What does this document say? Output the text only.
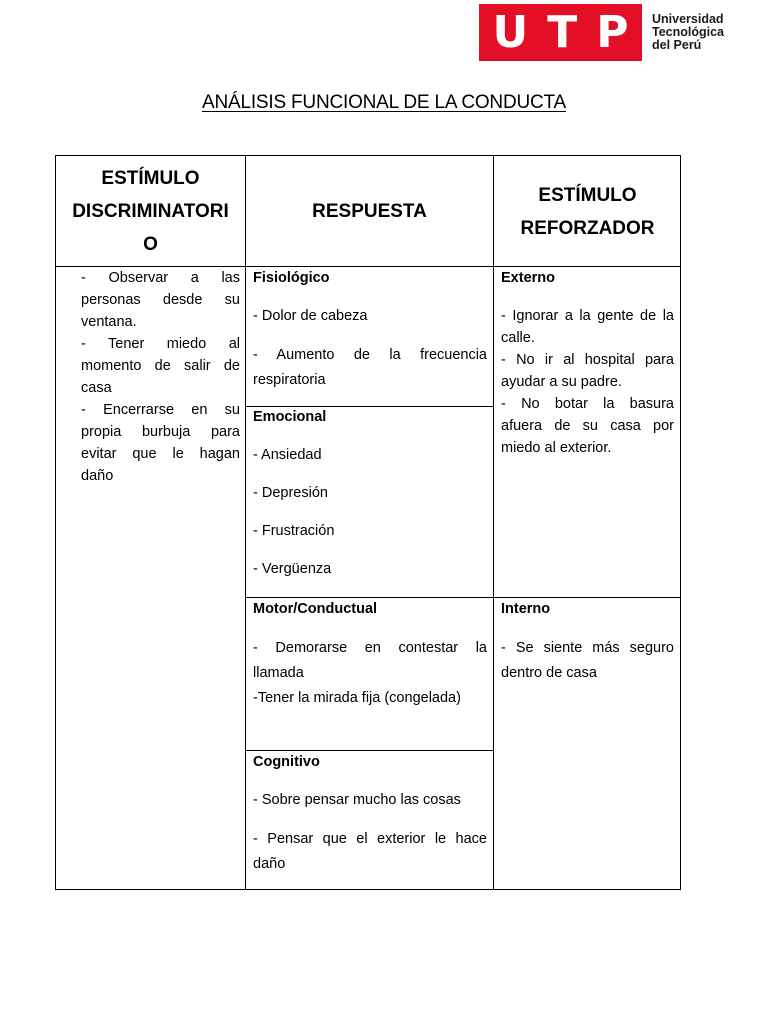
U T P Universidad
Tecnológica
del Perú
ANÁLISIS FUNCIONAL DE LA CONDUCTA
ESTÍMULO
DISCRIMINATORI
O
RESPUESTA
ESTÍMULO
REFORZADOR

- Observar a las personas desde su ventana.

- Tener miedo al momento de salir de casa

- Encerrarse en su propia burbuja para evitar que le hagan daño

Fisiológico

- Dolor de cabeza

- Aumento de la frecuencia respiratoria

Emocional

- Ansiedad

- Depresión

- Frustración

- Vergüenza

Motor/Conductual

- Demorarse en contestar la llamada

-Tener la mirada fija (congelada)

Cognitivo

- Sobre pensar mucho las cosas

- Pensar que el exterior le hace daño

Externo

- Ignorar a la gente de la calle.

- No ir al hospital para ayudar a su padre.

- No botar la basura afuera de su casa por miedo al exterior.

Interno

- Se siente más seguro dentro de casa
